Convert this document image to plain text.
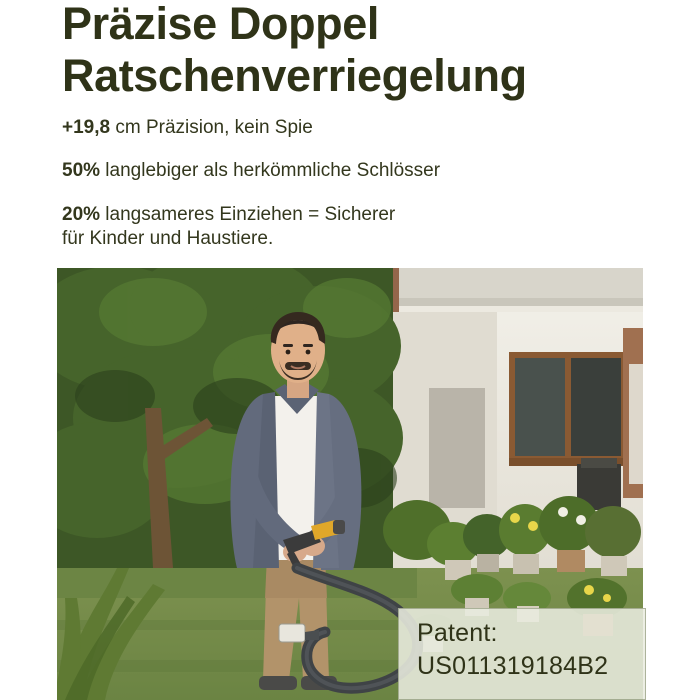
Präzise Doppel
Ratschenverriegelung
+19,8 cm Präzision, kein Spie
50% langlebiger als herkömmliche Schlösser
20% langsameres Einziehen = Sicherer
für Kinder und Haustiere.
Patent:
US011319184B2
